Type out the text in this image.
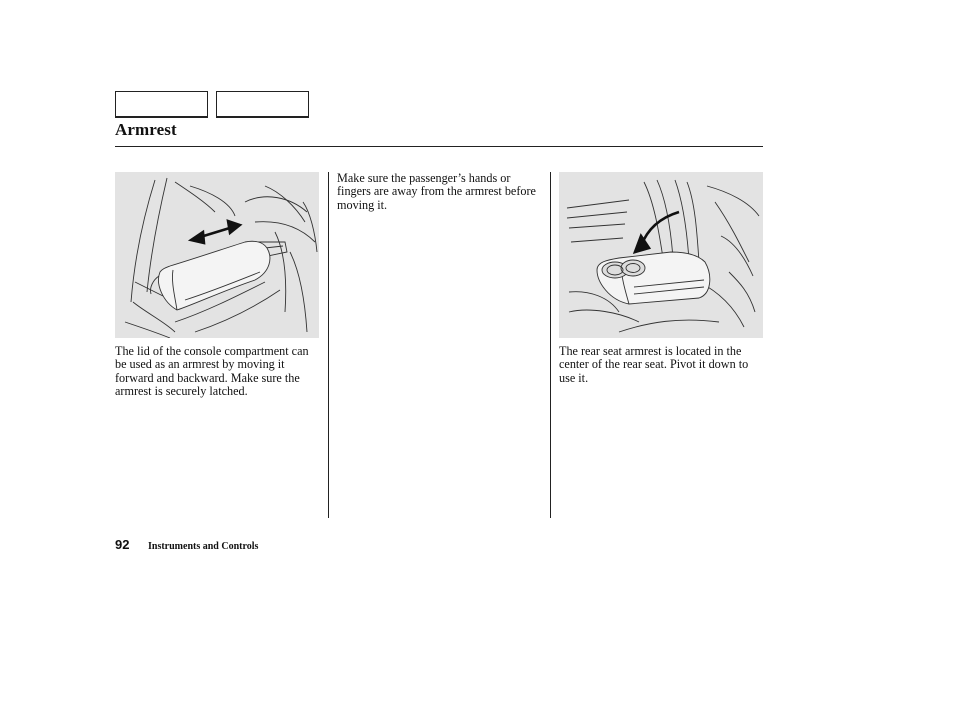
Armrest

The lid of the console compartment can be used as an armrest by moving it forward and backward. Make sure the armrest is securely latched.

Make sure the passenger’s hands or fingers are away from the armrest before moving it.

The rear seat armrest is located in the center of the rear seat. Pivot it down to use it.

92 Instruments and Controls
